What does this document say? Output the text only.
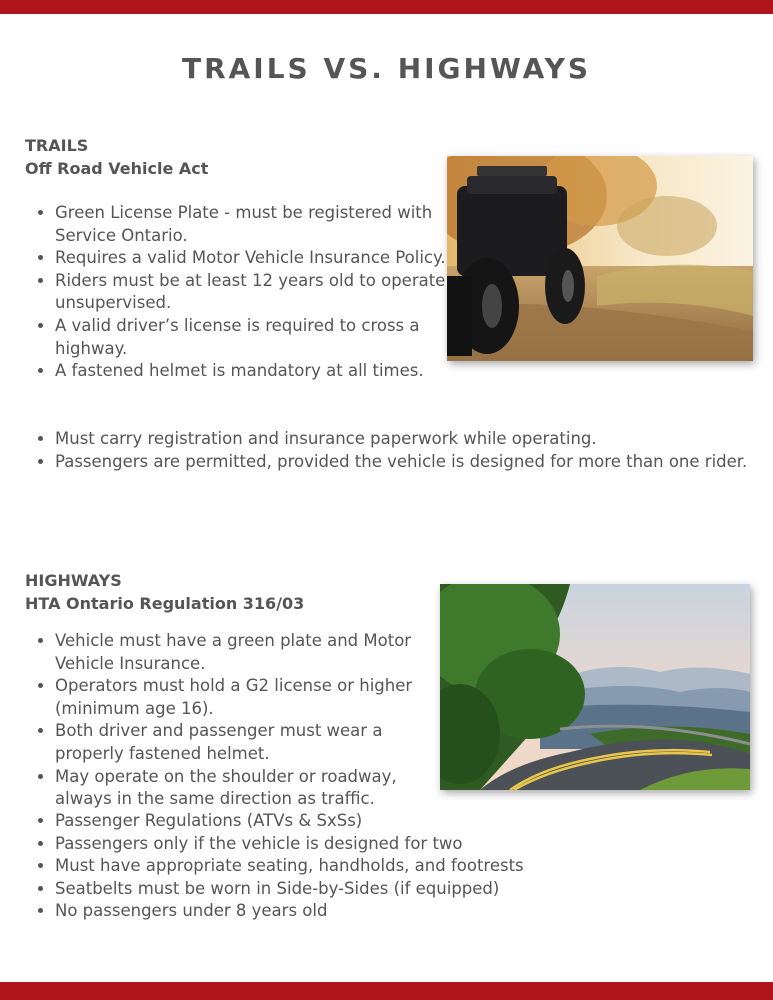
TRAILS VS. HIGHWAYS
TRAILS
Off Road Vehicle Act
• Green License Plate - must be registered with Service Ontario.
• Requires a valid Motor Vehicle Insurance Policy.
• Riders must be at least 12 years old to operate unsupervised.
• A valid driver’s license is required to cross a highway.
• A fastened helmet is mandatory at all times.
• Must carry registration and insurance paperwork while operating.
• Passengers are permitted, provided the vehicle is designed for more than one rider.
HIGHWAYS
HTA Ontario Regulation 316/03
• Vehicle must have a green plate and Motor Vehicle Insurance.
• Operators must hold a G2 license or higher (minimum age 16).
• Both driver and passenger must wear a properly fastened helmet.
• May operate on the shoulder or roadway, always in the same direction as traffic.
• Passenger Regulations (ATVs & SxSs)
• Passengers only if the vehicle is designed for two
• Must have appropriate seating, handholds, and footrests
• Seatbelts must be worn in Side-by-Sides (if equipped)
• No passengers under 8 years old
